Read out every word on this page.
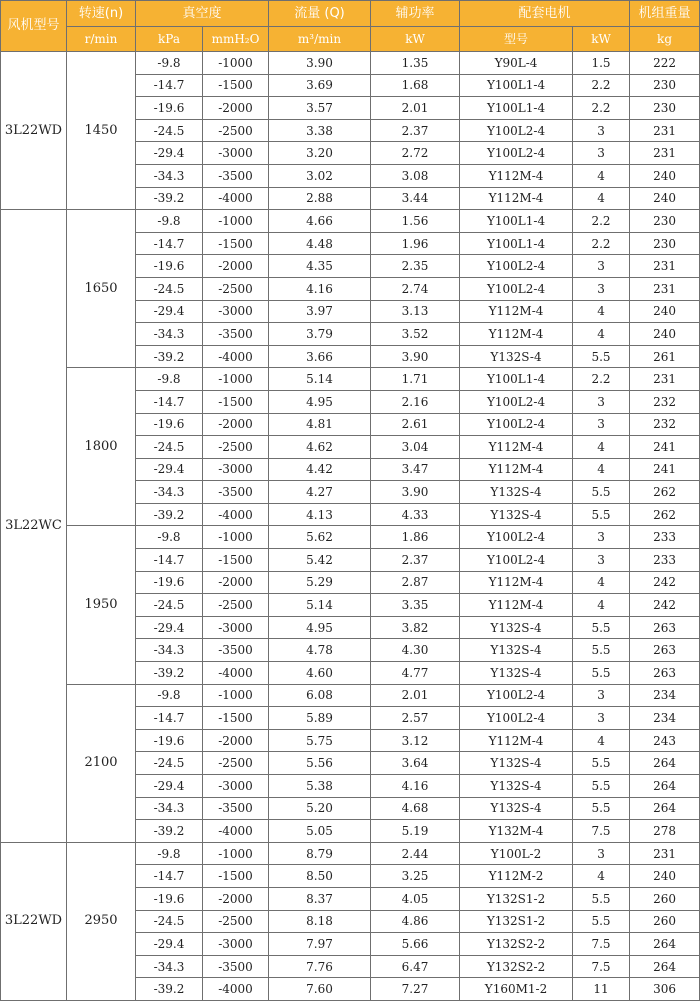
风机型号	转速(n)	真空度		流量 (Q)	辅功率	配套电机		机组重量
	r/min	kPa	mmH₂O	m³/min	kW	型号	kW	kg
3L22WD	1450	-9.8	-1000	3.90	1.35	Y90L-4	1.5	222
		-14.7	-1500	3.69	1.68	Y100L1-4	2.2	230
		-19.6	-2000	3.57	2.01	Y100L1-4	2.2	230
		-24.5	-2500	3.38	2.37	Y100L2-4	3	231
		-29.4	-3000	3.20	2.72	Y100L2-4	3	231
		-34.3	-3500	3.02	3.08	Y112M-4	4	240
		-39.2	-4000	2.88	3.44	Y112M-4	4	240
3L22WC	1650	-9.8	-1000	4.66	1.56	Y100L1-4	2.2	230
		-14.7	-1500	4.48	1.96	Y100L1-4	2.2	230
		-19.6	-2000	4.35	2.35	Y100L2-4	3	231
		-24.5	-2500	4.16	2.74	Y100L2-4	3	231
		-29.4	-3000	3.97	3.13	Y112M-4	4	240
		-34.3	-3500	3.79	3.52	Y112M-4	4	240
		-39.2	-4000	3.66	3.90	Y132S-4	5.5	261
	1800	-9.8	-1000	5.14	1.71	Y100L1-4	2.2	231
		-14.7	-1500	4.95	2.16	Y100L2-4	3	232
		-19.6	-2000	4.81	2.61	Y100L2-4	3	232
		-24.5	-2500	4.62	3.04	Y112M-4	4	241
		-29.4	-3000	4.42	3.47	Y112M-4	4	241
		-34.3	-3500	4.27	3.90	Y132S-4	5.5	262
		-39.2	-4000	4.13	4.33	Y132S-4	5.5	262
	1950	-9.8	-1000	5.62	1.86	Y100L2-4	3	233
		-14.7	-1500	5.42	2.37	Y100L2-4	3	233
		-19.6	-2000	5.29	2.87	Y112M-4	4	242
		-24.5	-2500	5.14	3.35	Y112M-4	4	242
		-29.4	-3000	4.95	3.82	Y132S-4	5.5	263
		-34.3	-3500	4.78	4.30	Y132S-4	5.5	263
		-39.2	-4000	4.60	4.77	Y132S-4	5.5	263
	2100	-9.8	-1000	6.08	2.01	Y100L2-4	3	234
		-14.7	-1500	5.89	2.57	Y100L2-4	3	234
		-19.6	-2000	5.75	3.12	Y112M-4	4	243
		-24.5	-2500	5.56	3.64	Y132S-4	5.5	264
		-29.4	-3000	5.38	4.16	Y132S-4	5.5	264
		-34.3	-3500	5.20	4.68	Y132S-4	5.5	264
		-39.2	-4000	5.05	5.19	Y132M-4	7.5	278
3L22WD	2950	-9.8	-1000	8.79	2.44	Y100L-2	3	231
		-14.7	-1500	8.50	3.25	Y112M-2	4	240
		-19.6	-2000	8.37	4.05	Y132S1-2	5.5	260
		-24.5	-2500	8.18	4.86	Y132S1-2	5.5	260
		-29.4	-3000	7.97	5.66	Y132S2-2	7.5	264
		-34.3	-3500	7.76	6.47	Y132S2-2	7.5	264
		-39.2	-4000	7.60	7.27	Y160M1-2	11	306
